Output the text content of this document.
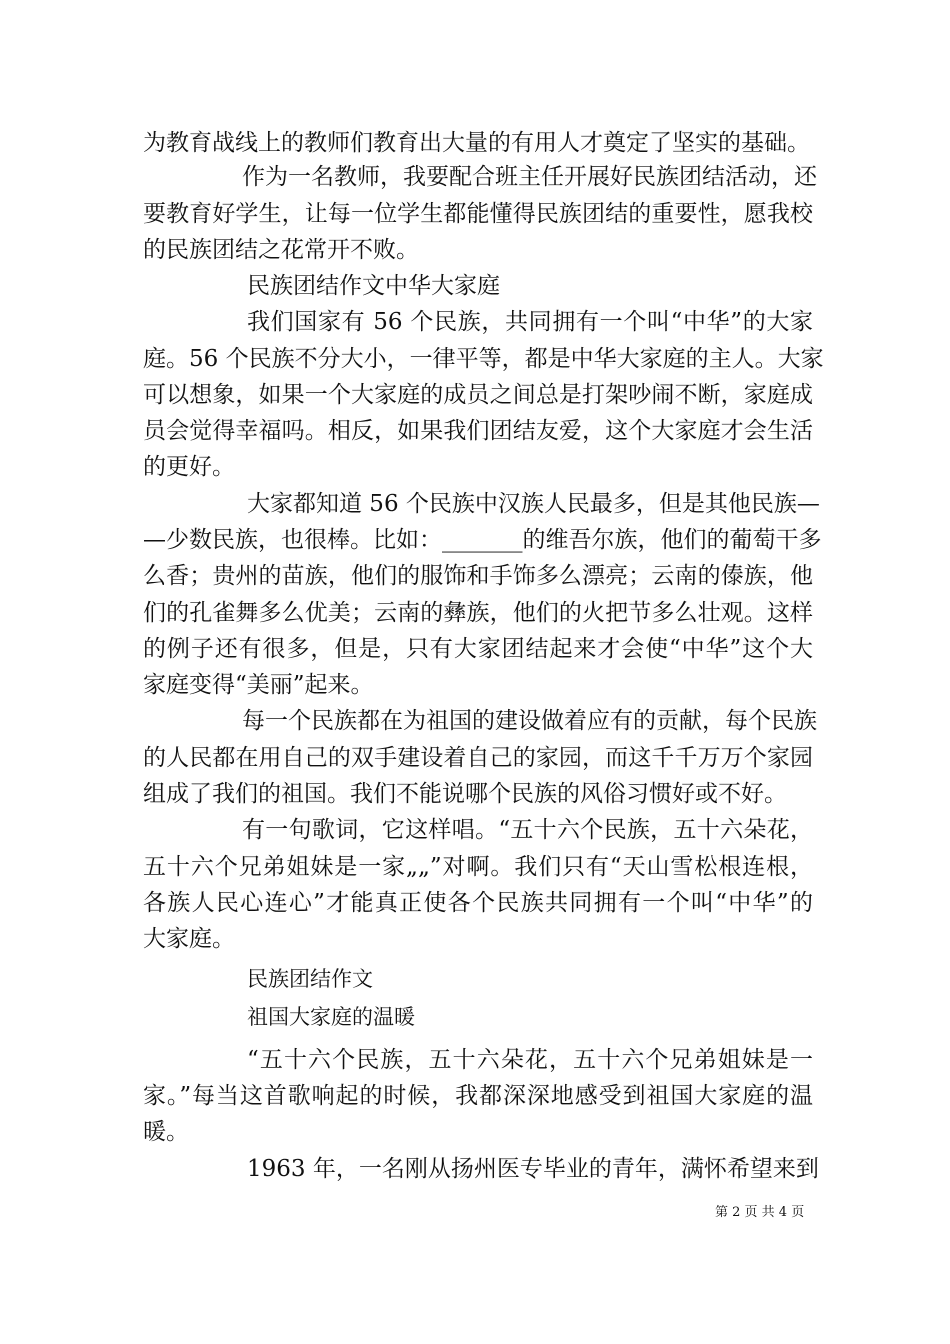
为教育战线上的教师们教育出大量的有用人才奠定了坚实的基础。
作为一名教师，我要配合班主任开展好民族团结活动，还
要教育好学生，让每一位学生都能懂得民族团结的重要性，愿我校
的民族团结之花常开不败。
民族团结作文中华大家庭
我们国家有 56 个民族，共同拥有一个叫“中华”的大家
庭。56 个民族不分大小，一律平等，都是中华大家庭的主人。大家
可以想象，如果一个大家庭的成员之间总是打架吵闹不断，家庭成
员会觉得幸福吗。相反，如果我们团结友爱，这个大家庭才会生活
的更好。
大家都知道 56 个民族中汉族人民最多，但是其他民族—
—少数民族，也很棒。比如：_______的维吾尔族，他们的葡萄干多
么香；贵州的苗族，他们的服饰和手饰多么漂亮；云南的傣族，他
们的孔雀舞多么优美；云南的彝族，他们的火把节多么壮观。这样
的例子还有很多，但是，只有大家团结起来才会使“中华”这个大
家庭变得“美丽”起来。
每一个民族都在为祖国的建设做着应有的贡献，每个民族
的人民都在用自己的双手建设着自己的家园，而这千千万万个家园
组成了我们的祖国。我们不能说哪个民族的风俗习惯好或不好。
有一句歌词，它这样唱。“五十六个民族，五十六朵花，
五十六个兄弟姐妹是一家„„”对啊。我们只有“天山雪松根连根，
各族人民心连心”才能真正使各个民族共同拥有一个叫“中华”的
大家庭。
民族团结作文
祖国大家庭的温暖
“五十六个民族，五十六朵花，五十六个兄弟姐妹是一
家。”每当这首歌响起的时候，我都深深地感受到祖国大家庭的温
暖。
1963 年，一名刚从扬州医专毕业的青年，满怀希望来到
第 2 页 共 4 页
